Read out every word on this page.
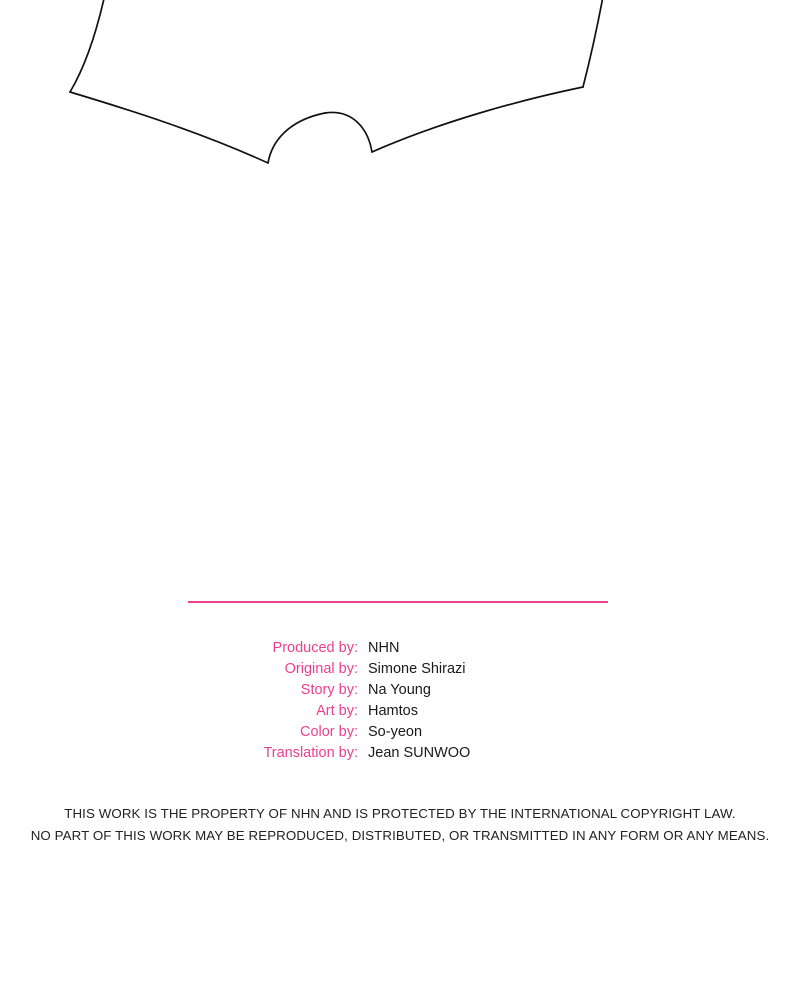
Produced by: NHN
Original by: Simone Shirazi
Story by: Na Young
Art by: Hamtos
Color by: So-yeon
Translation by: Jean SUNWOO
THIS WORK IS THE PROPERTY OF NHN AND IS PROTECTED BY THE INTERNATIONAL COPYRIGHT LAW.
NO PART OF THIS WORK MAY BE REPRODUCED, DISTRIBUTED, OR TRANSMITTED IN ANY FORM OR ANY MEANS.
